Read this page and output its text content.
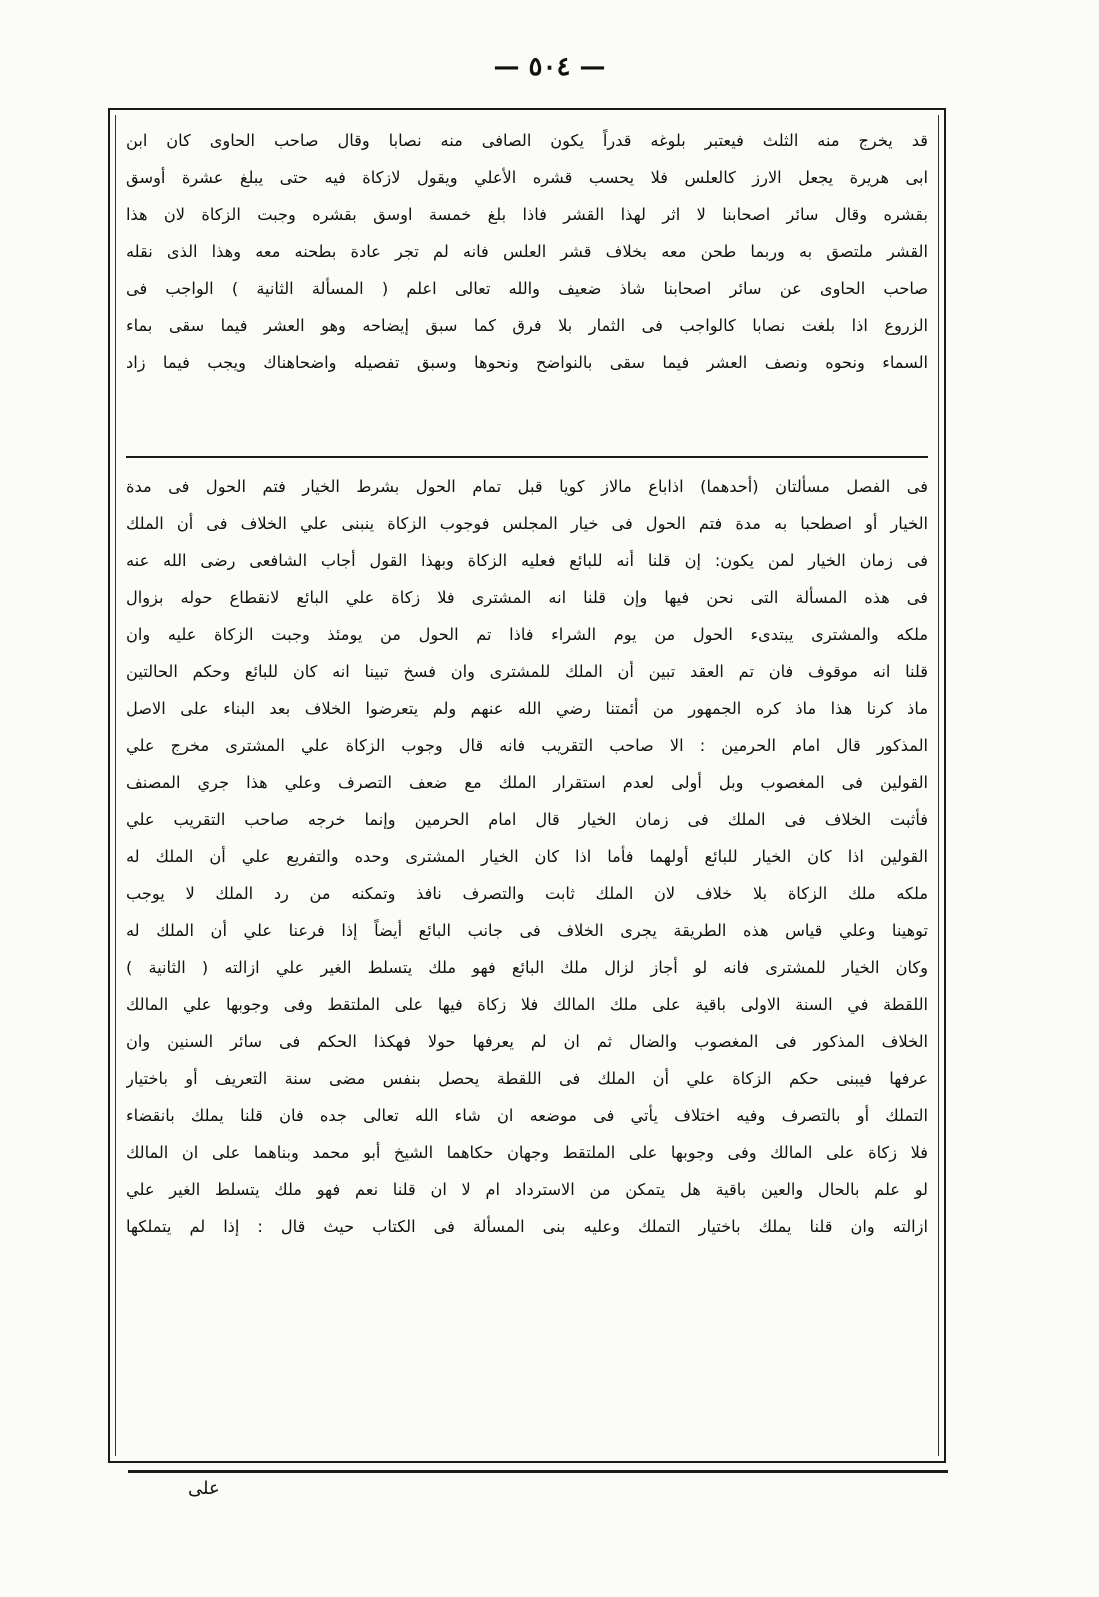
— ٥٠٤ —
قد يخرج منه الثلث فيعتبر بلوغه قدراً يكون الصافى منه نصابا وقال صاحب الحاوى كان ابن
ابى هريرة يجعل الارز كالعلس فلا يحسب قشره الأعلي ويقول لازكاة فيه حتى يبلغ عشرة أوسق
بقشره وقال سائر اصحابنا لا اثر لهذا القشر فاذا بلغ خمسة اوسق بقشره وجبت الزكاة لان هذا
القشر ملتصق به وربما طحن معه بخلاف قشر العلس فانه لم تجر عادة بطحنه معه وهذا الذى نقله
صاحب الحاوى عن سائر اصحابنا شاذ ضعيف والله تعالى اعلم ( المسألة الثانية ) الواجب فى
الزروع اذا بلغت نصابا كالواجب فى الثمار بلا فرق كما سبق إيضاحه وهو العشر فيما سقى بماء
السماء ونحوه ونصف العشر فيما سقى بالنواضح ونحوها وسبق تفصيله واضحاهناك ويجب فيما زاد
فى الفصل مسألتان (أحدهما) اذاباع مالاز كويا قبل تمام الحول بشرط الخيار فتم الحول فى مدة
الخيار أو اصطحبا به مدة فتم الحول فى خيار المجلس فوجوب الزكاة ينبنى علي الخلاف فى أن الملك
فى زمان الخيار لمن يكون: إن قلنا أنه للبائع فعليه الزكاة وبهذا القول أجاب الشافعى رضى الله عنه
فى هذه المسألة التى نحن فيها وإن قلنا انه المشترى فلا زكاة علي البائع لانقطاع حوله بزوال
ملكه والمشترى يبتدىء الحول من يوم الشراء فاذا تم الحول من يومئذ وجبت الزكاة عليه وان
قلنا انه موقوف فان تم العقد تبين أن الملك للمشترى وان فسخ تبينا انه كان للبائع وحكم الحالتين
ماذ كرنا هذا ماذ كره الجمهور من أئمتنا رضي الله عنهم ولم يتعرضوا الخلاف بعد البناء على الاصل
المذكور قال امام الحرمين : الا صاحب التقريب فانه قال وجوب الزكاة علي المشترى مخرج علي
القولين فى المغصوب وبل أولى لعدم استقرار الملك مع ضعف التصرف وعلي هذا جري المصنف
فأثبت الخلاف فى الملك فى زمان الخيار قال امام الحرمين وإنما خرجه صاحب التقريب علي
القولين اذا كان الخيار للبائع أولهما فأما اذا كان الخيار المشترى وحده والتفريع علي أن الملك له
ملكه ملك الزكاة بلا خلاف لان الملك ثابت والتصرف نافذ وتمكنه من رد الملك لا يوجب
توهينا وعلي قياس هذه الطريقة يجرى الخلاف فى جانب البائع أيضاً إذا فرعنا علي أن الملك له
وكان الخيار للمشترى فانه لو أجاز لزال ملك البائع فهو ملك يتسلط الغير علي ازالته ( الثانية )
اللقطة في السنة الاولى باقية على ملك المالك فلا زكاة فيها على الملتقط وفى وجوبها علي المالك
الخلاف المذكور فى المغصوب والضال ثم ان لم يعرفها حولا فهكذا الحكم فى سائر السنين وان
عرفها فيبنى حكم الزكاة علي أن الملك فى اللقطة يحصل بنفس مضى سنة التعريف أو باختيار
التملك أو بالتصرف وفيه اختلاف يأتي فى موضعه ان شاء الله تعالى جده فان قلنا يملك بانقضاء
فلا زكاة على المالك وفى وجوبها على الملتقط وجهان حكاهما الشيخ أبو محمد وبناهما على ان المالك
لو علم بالحال والعين باقية هل يتمكن من الاسترداد ام لا ان قلنا نعم فهو ملك يتسلط الغير علي
ازالته وان قلنا يملك باختيار التملك وعليه بنى المسألة فى الكتاب حيث قال : إذا لم يتملكها
على
